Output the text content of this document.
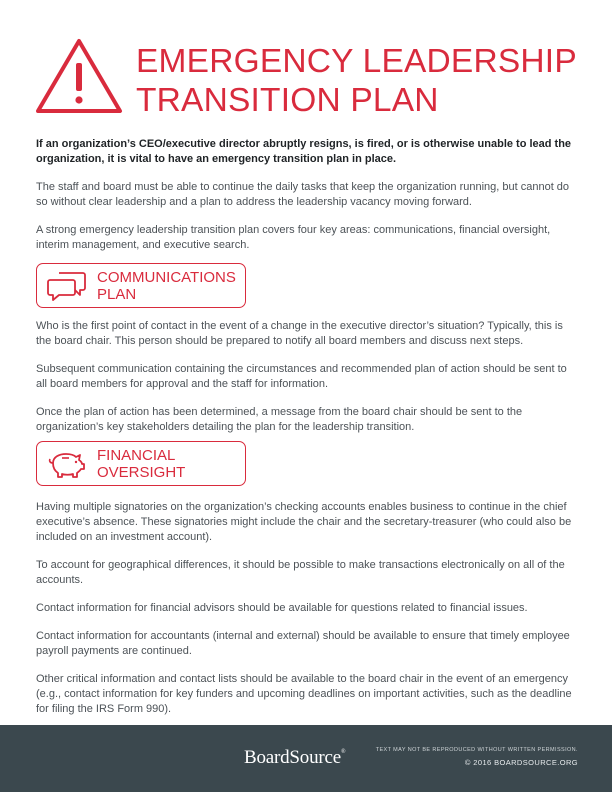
EMERGENCY LEADERSHIP
TRANSITION PLAN

If an organization’s CEO/executive director abruptly resigns, is fired, or is otherwise unable to lead the organization, it is vital to have an emergency transition plan in place.

The staff and board must be able to continue the daily tasks that keep the organization running, but cannot do so without clear leadership and a plan to address the leadership vacancy moving forward.

A strong emergency leadership transition plan covers four key areas: communications, financial oversight, interim management, and executive search.

COMMUNICATIONS
PLAN

Who is the first point of contact in the event of a change in the executive director’s situation? Typically, this is the board chair. This person should be prepared to notify all board members and discuss next steps.

Subsequent communication containing the circumstances and recommended plan of action should be sent to all board members for approval and the staff for information.

Once the plan of action has been determined, a message from the board chair should be sent to the organization’s key stakeholders detailing the plan for the leadership transition.

FINANCIAL
OVERSIGHT

Having multiple signatories on the organization’s checking accounts enables business to continue in the chief executive’s absence. These signatories might include the chair and the secretary-treasurer (who could also be included on an investment account).

To account for geographical differences, it should be possible to make transactions electronically on all of the accounts.

Contact information for financial advisors should be available for questions related to financial issues.

Contact information for accountants (internal and external) should be available to ensure that timely employee payroll payments are continued.

Other critical information and contact lists should be available to the board chair in the event of an emergency (e.g., contact information for key funders and upcoming deadlines on important activities, such as the deadline for filing the IRS Form 990).

BoardSource®	TEXT MAY NOT BE REPRODUCED WITHOUT WRITTEN PERMISSION.
© 2016 BOARDSOURCE.ORG
